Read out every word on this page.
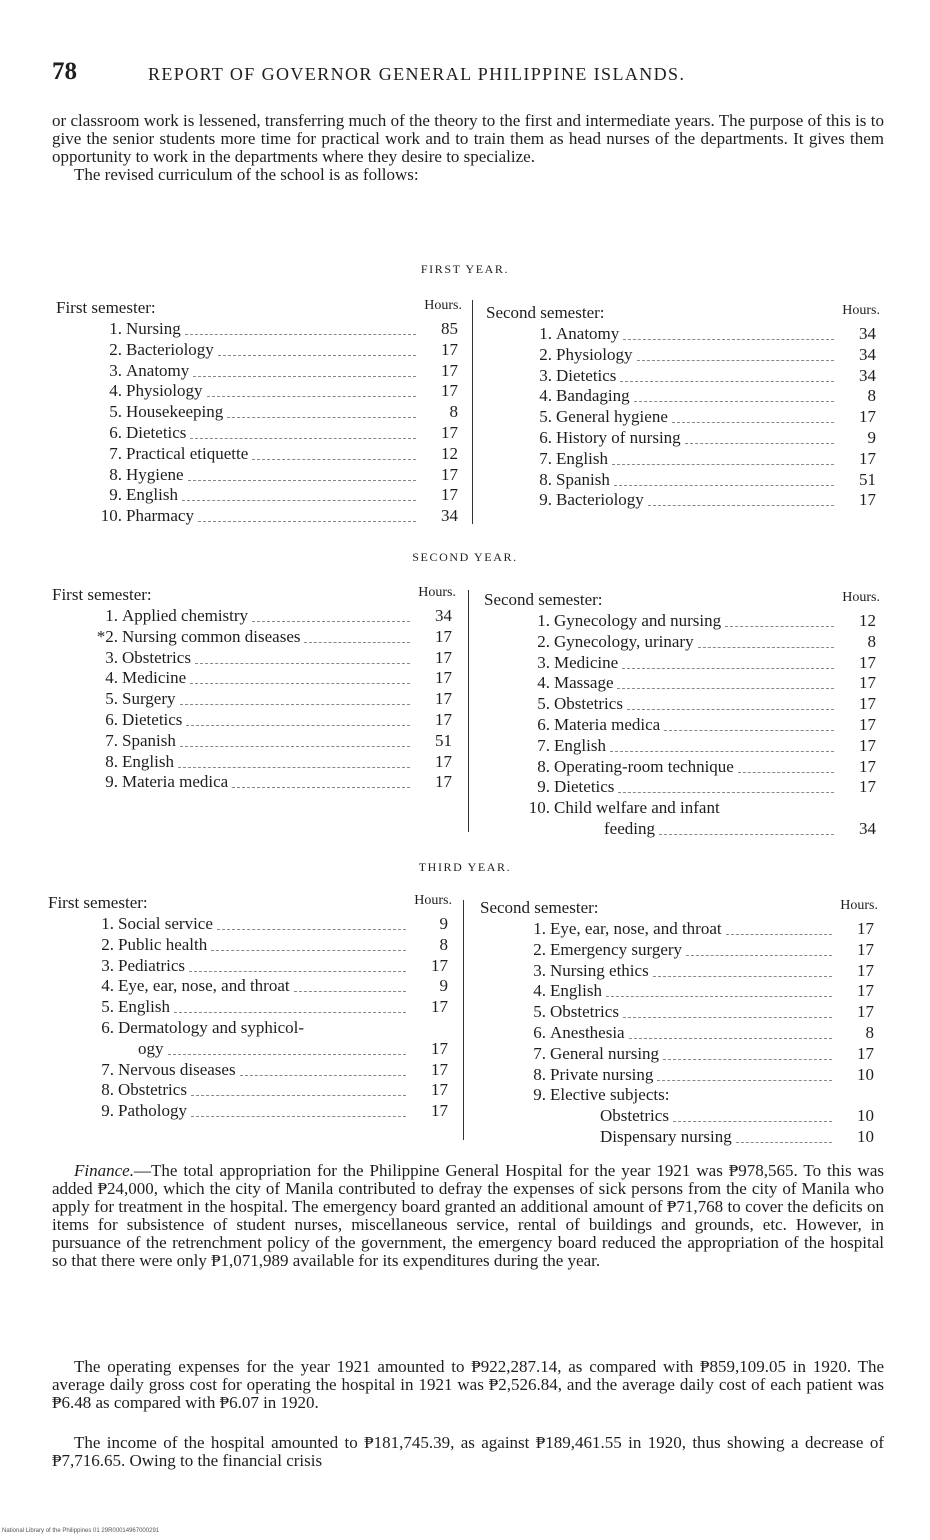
78	REPORT OF GOVERNOR GENERAL PHILIPPINE ISLANDS.

or classroom work is lessened, transferring much of the theory to the first and intermediate years. The purpose of this is to give the senior students more time for practical work and to train them as head nurses of the departments. It gives them opportunity to work in the departments where they desire to specialize.
The revised curriculum of the school is as follows:

FIRST YEAR.
First semester:	Hours.
1. Nursing	85
2. Bacteriology	17
3. Anatomy	17
4. Physiology	17
5. Housekeeping	8
6. Dietetics	17
7. Practical etiquette	12
8. Hygiene	17
9. English	17
10. Pharmacy	34
Second semester:	Hours.
1. Anatomy	34
2. Physiology	34
3. Dietetics	34
4. Bandaging	8
5. General hygiene	17
6. History of nursing	9
7. English	17
8. Spanish	51
9. Bacteriology	17
SECOND YEAR.
First semester:	Hours.
1. Applied chemistry	34
*2. Nursing common diseases	17
3. Obstetrics	17
4. Medicine	17
5. Surgery	17
6. Dietetics	17
7. Spanish	51
8. English	17
9. Materia medica	17
Second semester:	Hours.
1. Gynecology and nursing	12
2. Gynecology, urinary	8
3. Medicine	17
4. Massage	17
5. Obstetrics	17
6. Materia medica	17
7. English	17
8. Operating-room technique	17
9. Dietetics	17
10. Child welfare and infant
feeding	34
THIRD YEAR.
First semester:	Hours.
1. Social service	9
2. Public health	8
3. Pediatrics	17
4. Eye, ear, nose, and throat	9
5. English	17
6. Dermatology and syphicol-
ogy	17
7. Nervous diseases	17
8. Obstetrics	17
9. Pathology	17
Second semester:	Hours.
1. Eye, ear, nose, and throat	17
2. Emergency surgery	17
3. Nursing ethics	17
4. English	17
5. Obstetrics	17
6. Anesthesia	8
7. General nursing	17
8. Private nursing	10
9. Elective subjects:
Obstetrics	10
Dispensary nursing	10

Finance.—The total appropriation for the Philippine General Hospital for the year 1921 was ₱978,565. To this was added ₱24,000, which the city of Manila contributed to defray the expenses of sick persons from the city of Manila who apply for treatment in the hospital. The emergency board granted an additional amount of ₱71,768 to cover the deficits on items for subsistence of student nurses, miscellaneous service, rental of buildings and grounds, etc. However, in pursuance of the retrenchment policy of the government, the emergency board reduced the appropriation of the hospital so that there were only ₱1,071,989 available for its expenditures during the year.

The operating expenses for the year 1921 amounted to ₱922,287.14, as compared with ₱859,109.05 in 1920. The average daily gross cost for operating the hospital in 1921 was ₱2,526.84, and the average daily cost of each patient was ₱6.48 as compared with ₱6.07 in 1920.

The income of the hospital amounted to ₱181,745.39, as against ₱189,461.55 in 1920, thus showing a decrease of ₱7,716.65. Owing to the financial crisis

National Library of the Philippines 01 29R00014967000291
